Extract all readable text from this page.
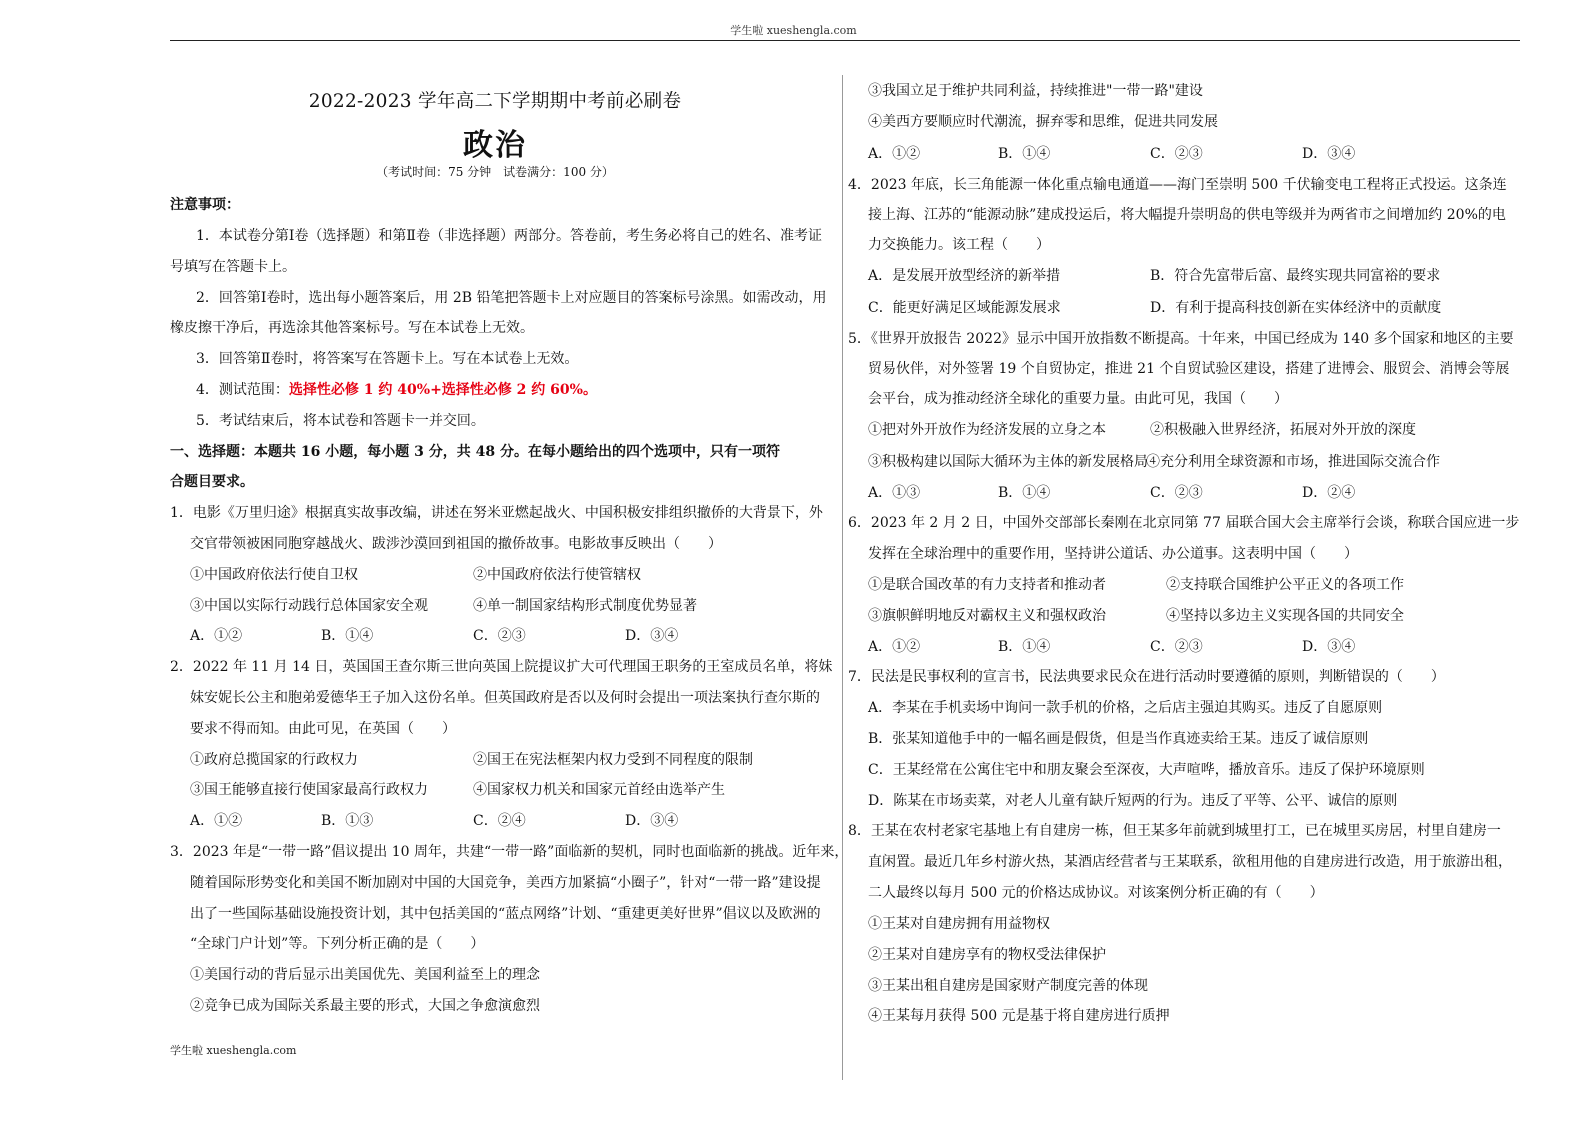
学生啦 xueshengla.com
学生啦 xueshengla.com
2022-2023 学年高二下学期期中考前必刷卷
政治
（考试时间：75 分钟　试卷满分：100 分）
注意事项：
1．本试卷分第Ⅰ卷（选择题）和第Ⅱ卷（非选择题）两部分。答卷前，考生务必将自己的姓名、准考证
号填写在答题卡上。
2．回答第Ⅰ卷时，选出每小题答案后，用 2B 铅笔把答题卡上对应题目的答案标号涂黑。如需改动，用
橡皮擦干净后，再选涂其他答案标号。写在本试卷上无效。
3．回答第Ⅱ卷时，将答案写在答题卡上。写在本试卷上无效。
4．测试范围：选择性必修 1 约 40%+选择性必修 2 约 60%。
5．考试结束后，将本试卷和答题卡一并交回。
一、选择题：本题共 16 小题，每小题 3 分，共 48 分。在每小题给出的四个选项中，只有一项符
合题目要求。
1．电影《万里归途》根据真实故事改编，讲述在努米亚燃起战火、中国积极安排组织撤侨的大背景下，外
交官带领被困同胞穿越战火、跋涉沙漠回到祖国的撤侨故事。电影故事反映出（　　）
①中国政府依法行使自卫权	②中国政府依法行使管辖权
③中国以实际行动践行总体国家安全观	④单一制国家结构形式制度优势显著
A．①②	B．①④	C．②③	D．③④
2．2022 年 11 月 14 日，英国国王查尔斯三世向英国上院提议扩大可代理国王职务的王室成员名单，将妹
妹安妮长公主和胞弟爱德华王子加入这份名单。但英国政府是否以及何时会提出一项法案执行查尔斯的
要求不得而知。由此可见，在英国（　　）
①政府总揽国家的行政权力	②国王在宪法框架内权力受到不同程度的限制
③国王能够直接行使国家最高行政权力	④国家权力机关和国家元首经由选举产生
A．①②	B．①③	C．②④	D．③④
3．2023 年是“一带一路”倡议提出 10 周年，共建“一带一路”面临新的契机，同时也面临新的挑战。近年来，
随着国际形势变化和美国不断加剧对中国的大国竞争，美西方加紧搞“小圈子”，针对“一带一路”建设提
出了一些国际基础设施投资计划，其中包括美国的“蓝点网络”计划、“重建更美好世界”倡议以及欧洲的
“全球门户计划”等。下列分析正确的是（　　）
①美国行动的背后显示出美国优先、美国利益至上的理念
②竞争已成为国际关系最主要的形式，大国之争愈演愈烈
③我国立足于维护共同利益，持续推进"一带一路"建设
④美西方要顺应时代潮流，摒弃零和思维，促进共同发展
A．①②	B．①④	C．②③	D．③④
4．2023 年底，长三角能源一体化重点输电通道——海门至崇明 500 千伏输变电工程将正式投运。这条连
接上海、江苏的“能源动脉”建成投运后，将大幅提升崇明岛的供电等级并为两省市之间增加约 20%的电
力交换能力。该工程（　　）
A．是发展开放型经济的新举措	B．符合先富带后富、最终实现共同富裕的要求
C．能更好满足区域能源发展求	D．有利于提高科技创新在实体经济中的贡献度
5．《世界开放报告 2022》显示中国开放指数不断提高。十年来，中国已经成为 140 多个国家和地区的主要
贸易伙伴，对外签署 19 个自贸协定，推进 21 个自贸试验区建设，搭建了进博会、服贸会、消博会等展
会平台，成为推动经济全球化的重要力量。由此可见，我国（　　）
①把对外开放作为经济发展的立身之本	②积极融入世界经济，拓展对外开放的深度
③积极构建以国际大循环为主体的新发展格局
④充分利用全球资源和市场，推进国际交流合作
A．①③	B．①④	C．②③	D．②④
6．2023 年 2 月 2 日，中国外交部部长秦刚在北京同第 77 届联合国大会主席举行会谈，称联合国应进一步
发挥在全球治理中的重要作用，坚持讲公道话、办公道事。这表明中国（　　）
①是联合国改革的有力支持者和推动者	②支持联合国维护公平正义的各项工作
③旗帜鲜明地反对霸权主义和强权政治	④坚持以多边主义实现各国的共同安全
A．①②	B．①④	C．②③	D．③④
7．民法是民事权利的宣言书，民法典要求民众在进行活动时要遵循的原则，判断错误的（　　）
A．李某在手机卖场中询问一款手机的价格，之后店主强迫其购买。违反了自愿原则
B．张某知道他手中的一幅名画是假货，但是当作真迹卖给王某。违反了诚信原则
C．王某经常在公寓住宅中和朋友聚会至深夜，大声喧哗，播放音乐。违反了保护环境原则
D．陈某在市场卖菜，对老人儿童有缺斤短两的行为。违反了平等、公平、诚信的原则
8．王某在农村老家宅基地上有自建房一栋，但王某多年前就到城里打工，已在城里买房居，村里自建房一
直闲置。最近几年乡村游火热，某酒店经营者与王某联系，欲租用他的自建房进行改造，用于旅游出租，
二人最终以每月 500 元的价格达成协议。对该案例分析正确的有（　　）
①王某对自建房拥有用益物权
②王某对自建房享有的物权受法律保护
③王某出租自建房是国家财产制度完善的体现
④王某每月获得 500 元是基于将自建房进行质押
